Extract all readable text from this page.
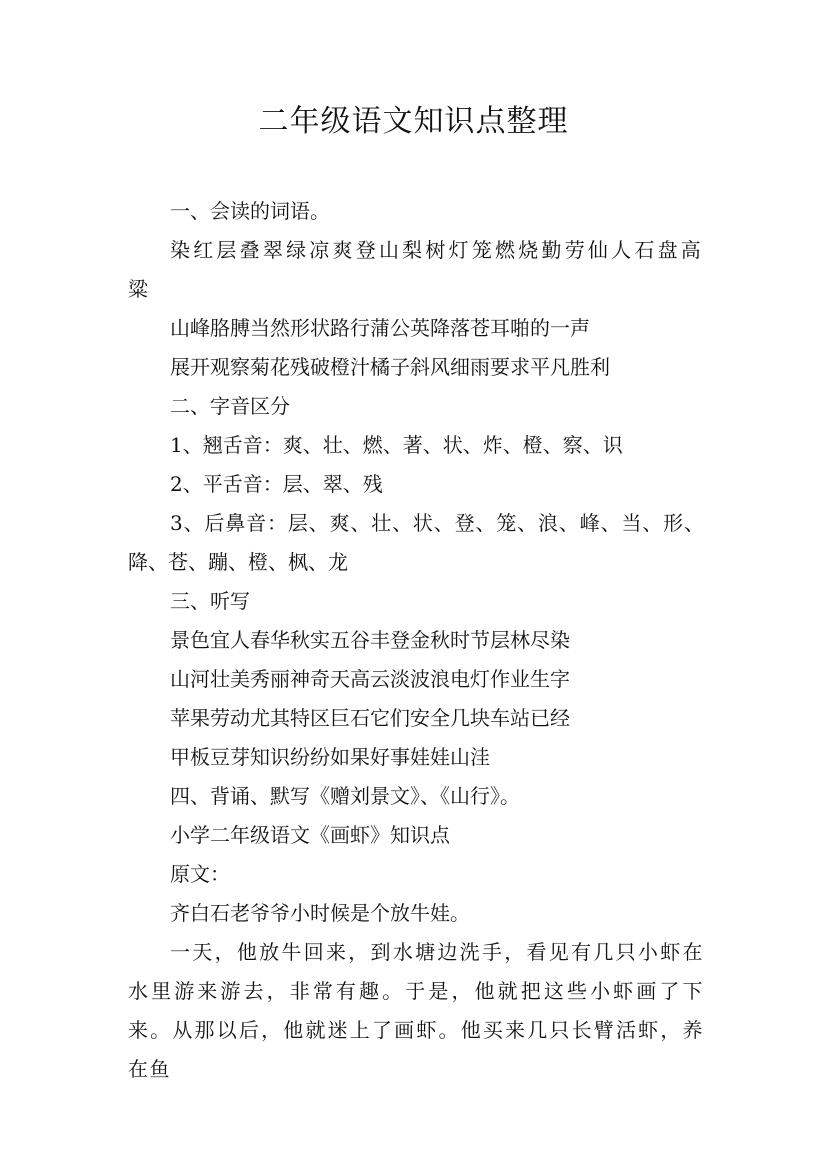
二年级语文知识点整理

一、会读的词语。

染红层叠翠绿凉爽登山梨树灯笼燃烧勤劳仙人石盘高粱

山峰胳膊当然形状路行蒲公英降落苍耳啪的一声

展开观察菊花残破橙汁橘子斜风细雨要求平凡胜利

二、字音区分

1、翘舌音：爽、壮、燃、著、状、炸、橙、察、识

2、平舌音：层、翠、残

3、后鼻音：层、爽、壮、状、登、笼、浪、峰、当、形、降、苍、蹦、橙、枫、龙

三、听写

景色宜人春华秋实五谷丰登金秋时节层林尽染

山河壮美秀丽神奇天高云淡波浪电灯作业生字

苹果劳动尤其特区巨石它们安全几块车站已经

甲板豆芽知识纷纷如果好事娃娃山洼

四、背诵、默写《赠刘景文》、《山行》。

小学二年级语文《画虾》知识点

原文：

齐白石老爷爷小时候是个放牛娃。

一天，他放牛回来，到水塘边洗手，看见有几只小虾在水里游来游去，非常有趣。于是，他就把这些小虾画了下来。从那以后，他就迷上了画虾。他买来几只长臂活虾，养在鱼
